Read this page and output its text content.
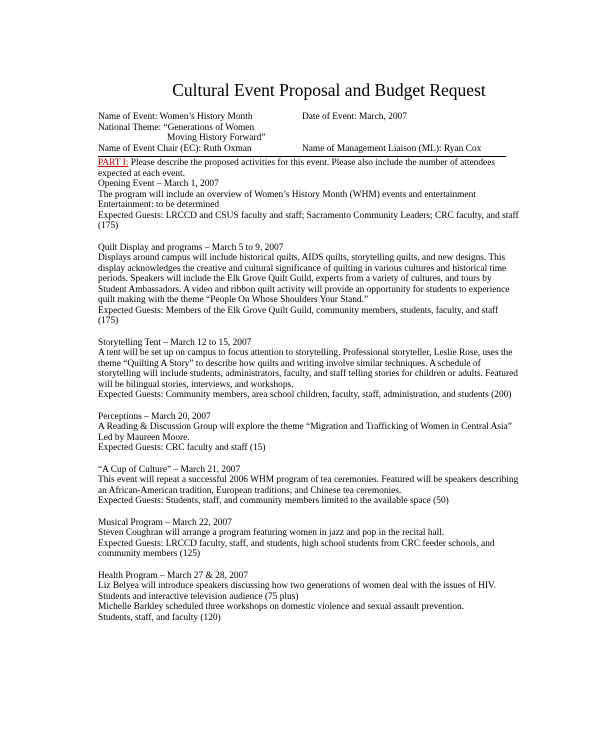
Cultural Event Proposal and Budget Request
Name of Event: Women’s History Month	Date of Event: March, 2007
National Theme: “Generations of Women
Moving History Forward”
Name of Event Chair (EC): Ruth Oxman	Name of Management Liaison (ML): Ryan Cox

PART I: Please describe the proposed activities for this event. Please also include the number of attendees expected at each event.

Opening Event – March 1, 2007

The program will include an overview of Women’s History Month (WHM) events and entertainment

Entertainment: to be determined

Expected Guests: LRCCD and CSUS faculty and staff; Sacramento Community Leaders; CRC faculty, and staff (175)

Quilt Display and programs – March 5 to 9, 2007

Displays around campus will include historical quilts, AIDS quilts, storytelling quilts, and new designs. This display acknowledges the creative and cultural significance of quilting in various cultures and historical time periods. Speakers will include the Elk Grove Quilt Guild, experts from a variety of cultures, and tours by Student Ambassadors. A video and ribbon quilt activity will provide an opportunity for students to experience quilt making with the theme “People On Whose Shoulders Your Stand.”

Expected Guests: Members of the Elk Grove Quilt Guild, community members, students, faculty, and staff (175)

Storytelling Tent – March 12 to 15, 2007

A tent will be set up on campus to focus attention to storytelling. Professional storyteller, Leslie Rose, uses the theme “Quilting A Story” to describe how quilts and writing involve similar techniques. A schedule of storytelling will include students, administrators, faculty, and staff telling stories for children or adults. Featured will be bilingual stories, interviews, and workshops.

Expected Guests: Community members, area school children, faculty, staff, administration, and students (200)

Perceptions – March 20, 2007

A Reading & Discussion Group will explore the theme “Migration and Trafficking of Women in Central Asia” Led by Maureen Moore.

Expected Guests: CRC faculty and staff (15)

“A Cup of Culture” – March 21, 2007

This event will repeat a successful 2006 WHM program of tea ceremonies. Featured will be speakers describing an African-American tradition, European traditions, and Chinese tea ceremonies.

Expected Guests: Students, staff, and community members limited to the available space (50)

Musical Program – March 22, 2007

Steven Coughran will arrange a program featuring women in jazz and pop in the recital hall.

Expected Guests: LRCCD faculty, staff, and students, high school students from CRC feeder schools, and community members (125)

Health Program – March 27 & 28, 2007

Liz Belyea will introduce speakers discussing how two generations of women deal with the issues of HIV.

Students and interactive television audience (75 plus)

Michelle Barkley scheduled three workshops on domestic violence and sexual assault prevention.

Students, staff, and faculty (120)
